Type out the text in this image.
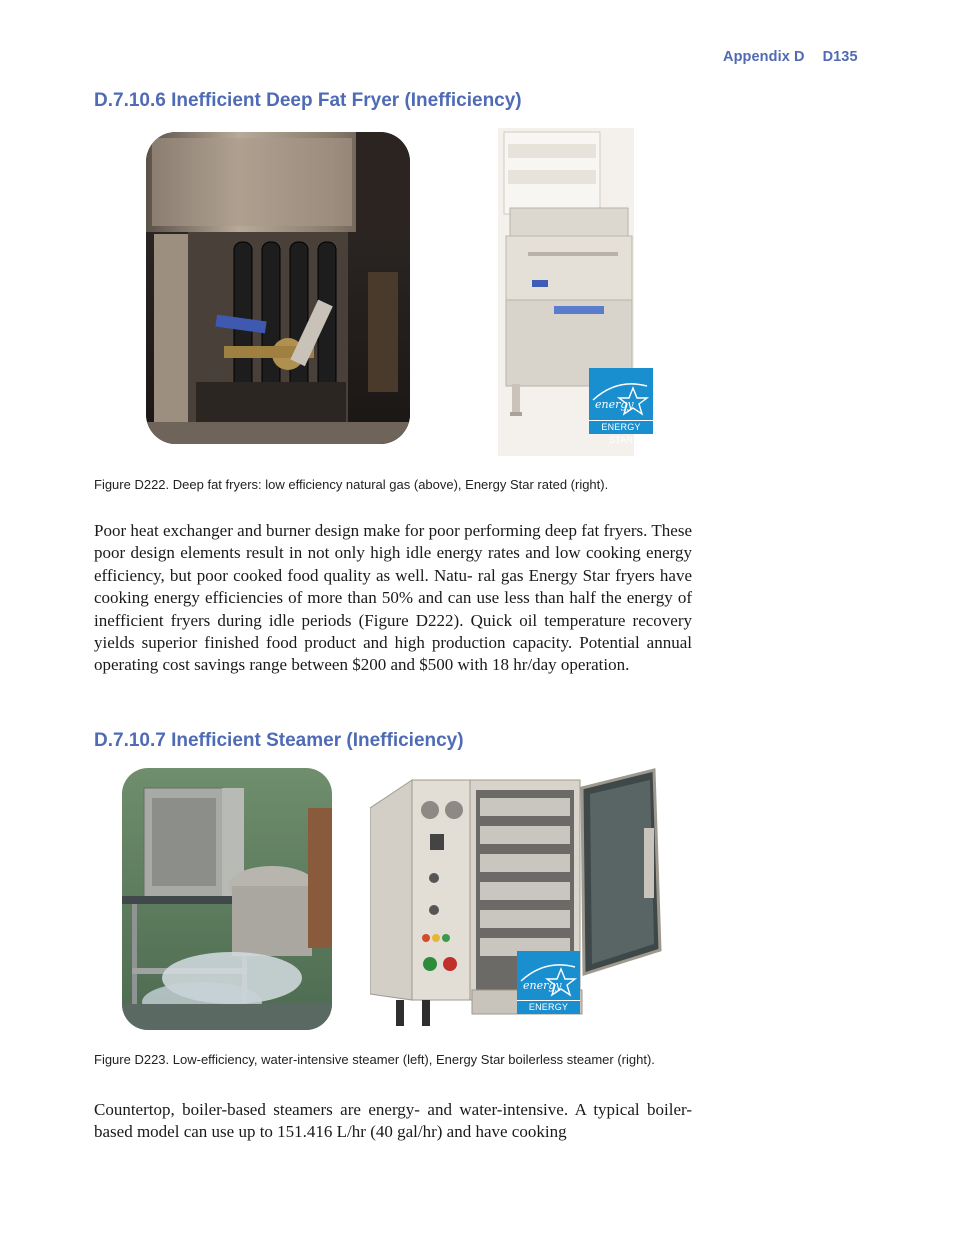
Appendix D D135
D.7.10.6 Inefficient Deep Fat Fryer (Inefficiency)
energy
ENERGY STAR
Figure D222. Deep fat fryers: low efficiency natural gas (above), Energy Star rated (right).

Poor heat exchanger and burner design make for poor performing deep fat fryers. These poor design elements result in not only high idle energy rates and low cooking energy efficiency, but poor cooked food quality as well. Natu- ral gas Energy Star fryers have cooking energy efficiencies of more than 50% and can use less than half the energy of inefficient fryers during idle periods (Figure D222). Quick oil temperature recovery yields superior finished food product and high production capacity. Potential annual operating cost savings range between $200 and $500 with 18 hr/day operation.

D.7.10.7 Inefficient Steamer (Inefficiency)
energy
ENERGY STAR
Figure D223. Low-efficiency, water-intensive steamer (left), Energy Star boilerless steamer (right).

Countertop, boiler-based steamers are energy- and water-intensive. A typical boiler-based model can use up to 151.416 L/hr (40 gal/hr) and have cooking
